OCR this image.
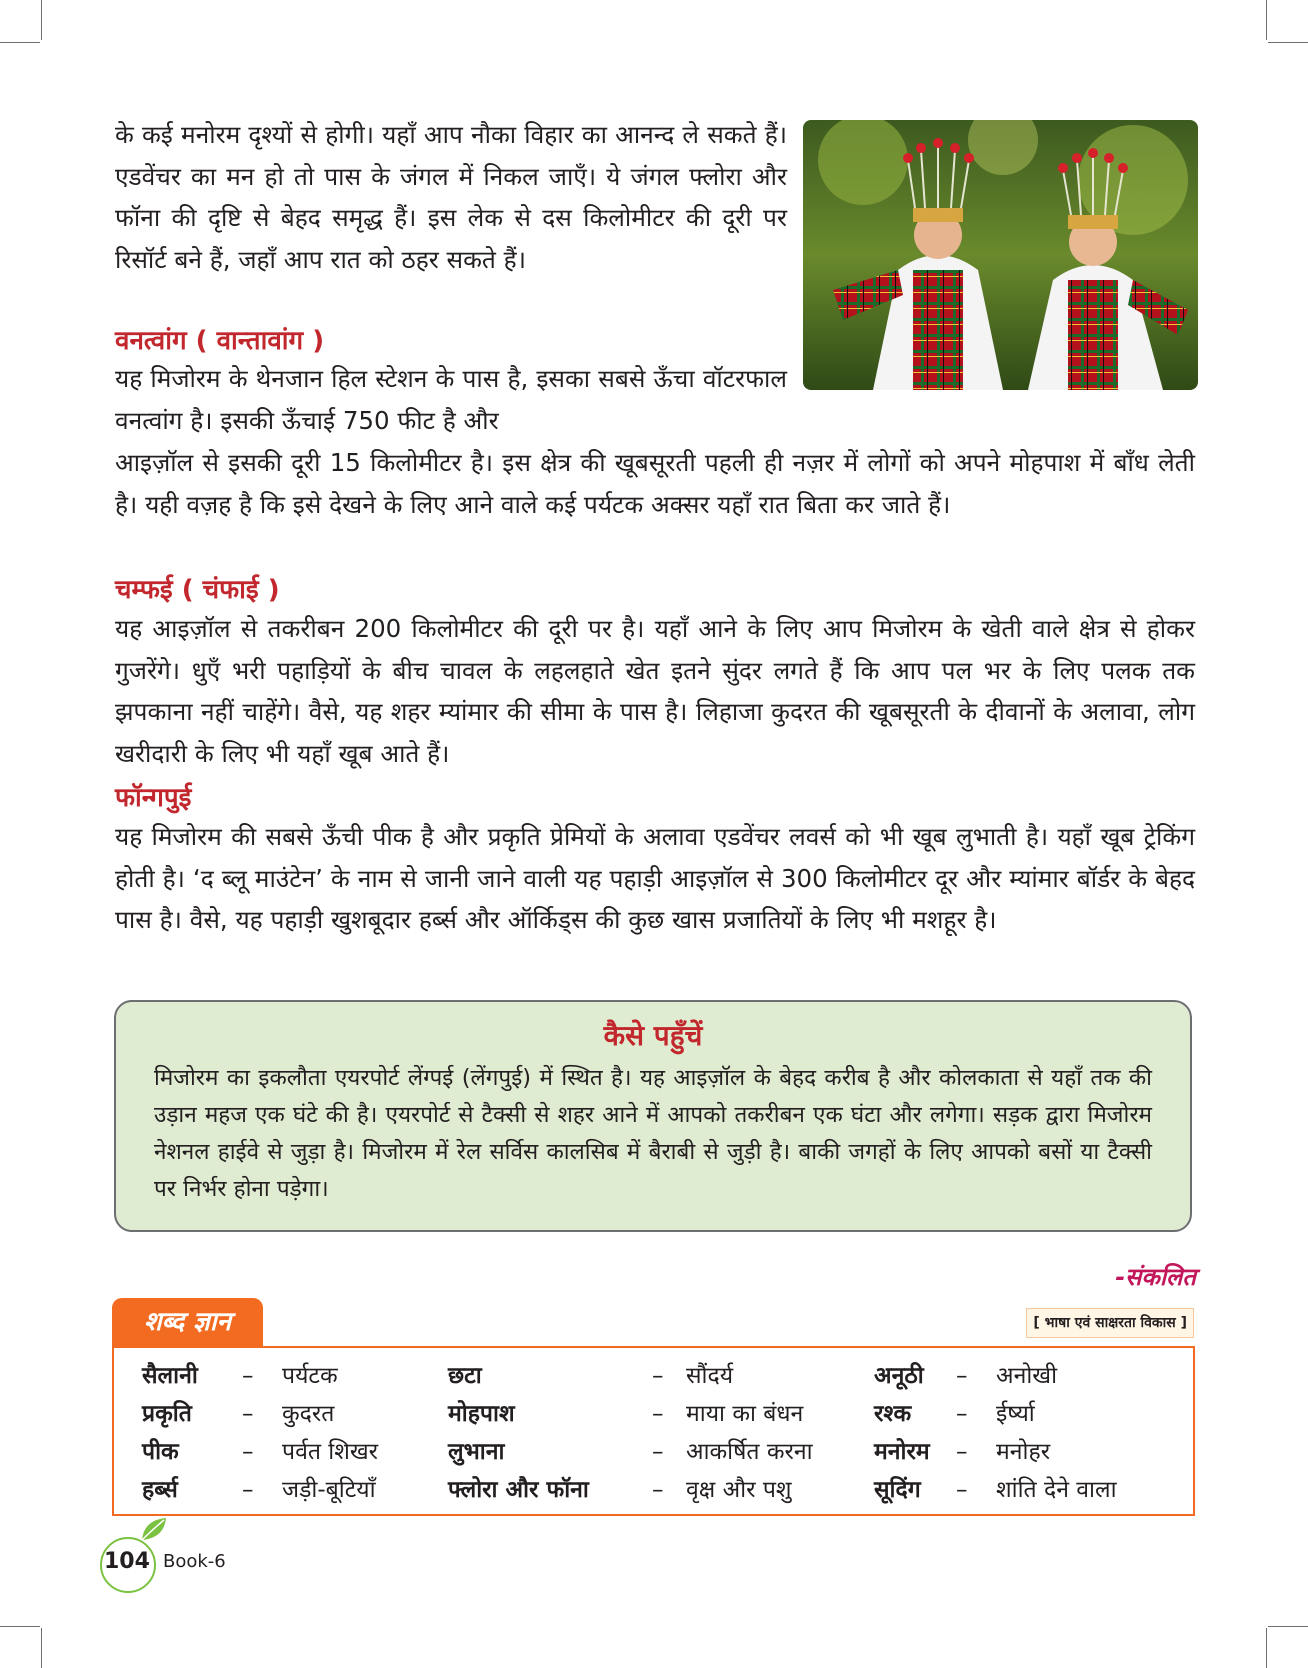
के कई मनोरम दृश्यों से होगी। यहाँ आप नौका विहार का आनन्द ले सकते हैं। एडवेंचर का मन हो तो पास के जंगल में निकल जाएँ। ये जंगल फ्लोरा और फॉना की दृष्टि से बेहद समृद्ध हैं। इस लेक से दस किलोमीटर की दूरी पर रिसॉर्ट बने हैं, जहाँ आप रात को ठहर सकते हैं।

वनत्वांग ( वान्तावांग )

यह मिजोरम के थेनजान हिल स्टेशन के पास है, इसका सबसे ऊँचा वॉटरफाल वनत्वांग है। इसकी ऊँचाई 750 फीट है और

आइज़ॉल से इसकी दूरी 15 किलोमीटर है। इस क्षेत्र की खूबसूरती पहली ही नज़र में लोगों को अपने मोहपाश में बाँध लेती है। यही वज़ह है कि इसे देखने के लिए आने वाले कई पर्यटक अक्सर यहाँ रात बिता कर जाते हैं।

चम्फई ( चंफाई )

यह आइज़ॉल से तकरीबन 200 किलोमीटर की दूरी पर है। यहाँ आने के लिए आप मिजोरम के खेती वाले क्षेत्र से होकर गुजरेंगे। धुएँ भरी पहाड़ियों के बीच चावल के लहलहाते खेत इतने सुंदर लगते हैं कि आप पल भर के लिए पलक तक झपकाना नहीं चाहेंगे। वैसे, यह शहर म्यांमार की सीमा के पास है। लिहाजा कुदरत की खूबसूरती के दीवानों के अलावा, लोग खरीदारी के लिए भी यहाँ खूब आते हैं।

फॉन्गपुई

यह मिजोरम की सबसे ऊँची पीक है और प्रकृति प्रेमियों के अलावा एडवेंचर लवर्स को भी खूब लुभाती है। यहाँ खूब ट्रेकिंग होती है। ‘द ब्लू माउंटेन’ के नाम से जानी जाने वाली यह पहाड़ी आइज़ॉल से 300 किलोमीटर दूर और म्यांमार बॉर्डर के बेहद पास है। वैसे, यह पहाड़ी खुशबूदार हर्ब्स और ऑर्किड्स की कुछ खास प्रजातियों के लिए भी मशहूर है।

कैसे पहुँचें

मिजोरम का इकलौता एयरपोर्ट लेंग्पई (लेंगपुई) में स्थित है। यह आइज़ॉल के बेहद करीब है और कोलकाता से यहाँ तक की उड़ान महज एक घंटे की है। एयरपोर्ट से टैक्सी से शहर आने में आपको तकरीबन एक घंटा और लगेगा। सड़क द्वारा मिजोरम नेशनल हाईवे से जुड़ा है। मिजोरम में रेल सर्विस कालसिब में बैराबी से जुड़ी है। बाकी जगहों के लिए आपको बसों या टैक्सी पर निर्भर होना पड़ेगा।

-संकलित
शब्द ज्ञान	[ भाषा एवं साक्षरता विकास ]
सैलानी – पर्यटक	छटा	– सौंदर्य	अनूठी – अनोखी
प्रकृति – कुदरत	मोहपाश	– माया का बंधन	रश्क – ईर्ष्या
पीक	– पर्वत शिखर	लुभाना	– आकर्षित करना	मनोरम – मनोहर
हर्ब्स	– जड़ी-बूटियाँ	फ्लोरा और फॉना	– वृक्ष और पशु	सूदिंग – शांति देने वाला
104 Book-6
